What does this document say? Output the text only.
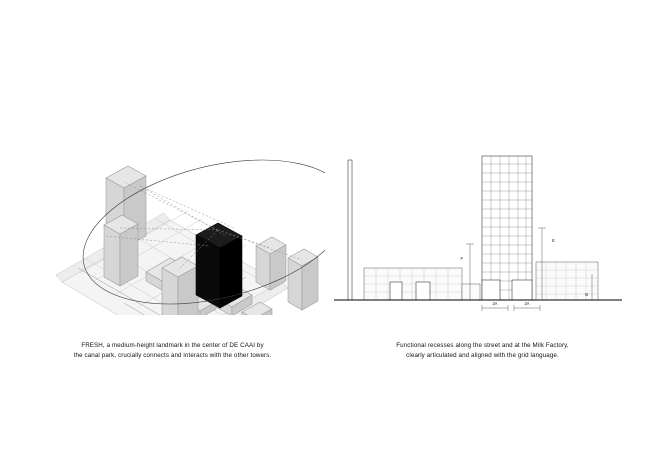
F
E
B
2A	2A
FRESH, a medium-height landmark in the center of DE CAAI by
the canal park, crucially connects and interacts with the other towers.
Functional recesses along the street and at the Milk Factory,
clearly articulated and aligned with the grid language.
